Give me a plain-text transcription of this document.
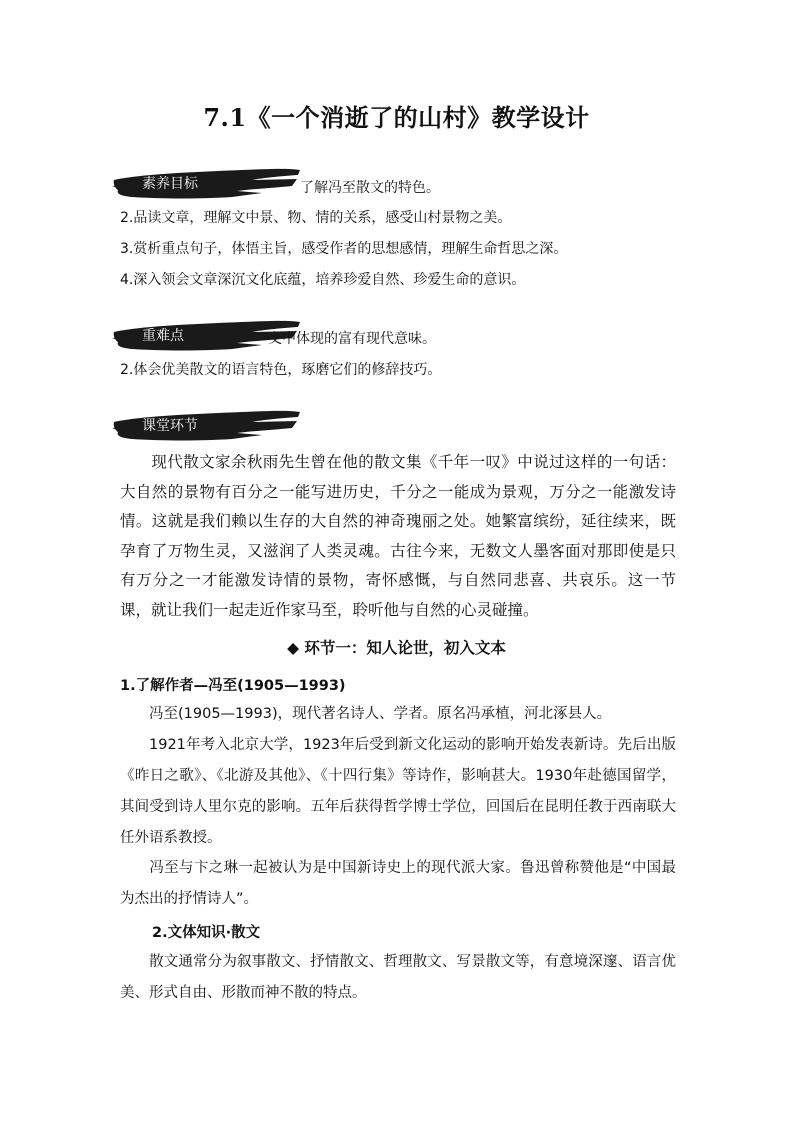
7.1《一个消逝了的山村》教学设计
素养目标	了解冯至散文的特色。
2.品读文章，理解文中景、物、情的关系，感受山村景物之美。
3.赏析重点句子，体悟主旨，感受作者的思想感情，理解生命哲思之深。
4.深入领会文章深沉文化底蕴，培养珍爱自然、珍爱生命的意识。
重难点	文中体现的富有现代意味。
2.体会优美散文的语言特色，琢磨它们的修辞技巧。
课堂环节
现代散文家余秋雨先生曾在他的散文集《千年一叹》中说过这样的一句话：大自然的景物有百分之一能写进历史，千分之一能成为景观，万分之一能激发诗情。这就是我们赖以生存的大自然的神奇瑰丽之处。她繁富缤纷，延往续来，既孕育了万物生灵，又滋润了人类灵魂。古往今来，无数文人墨客面对那即使是只有万分之一才能激发诗情的景物，寄怀感慨，与自然同悲喜、共哀乐。这一节课，就让我们一起走近作家马至，聆听他与自然的心灵碰撞。
◆ 环节一：知人论世，初入文本
1.了解作者—冯至(1905—1993)
冯至(1905—1993)，现代著名诗人、学者。原名冯承植，河北涿县人。
1921年考入北京大学，1923年后受到新文化运动的影响开始发表新诗。先后出版《昨日之歌》、《北游及其他》、《十四行集》等诗作，影响甚大。1930年赴德国留学，其间受到诗人里尔克的影响。五年后获得哲学博士学位，回国后在昆明任教于西南联大任外语系教授。
冯至与卞之琳一起被认为是中国新诗史上的现代派大家。鲁迅曾称赞他是“中国最为杰出的抒情诗人”。
2.文体知识·散文
散文通常分为叙事散文、抒情散文、哲理散文、写景散文等，有意境深邃、语言优美、形式自由、形散而神不散的特点。
